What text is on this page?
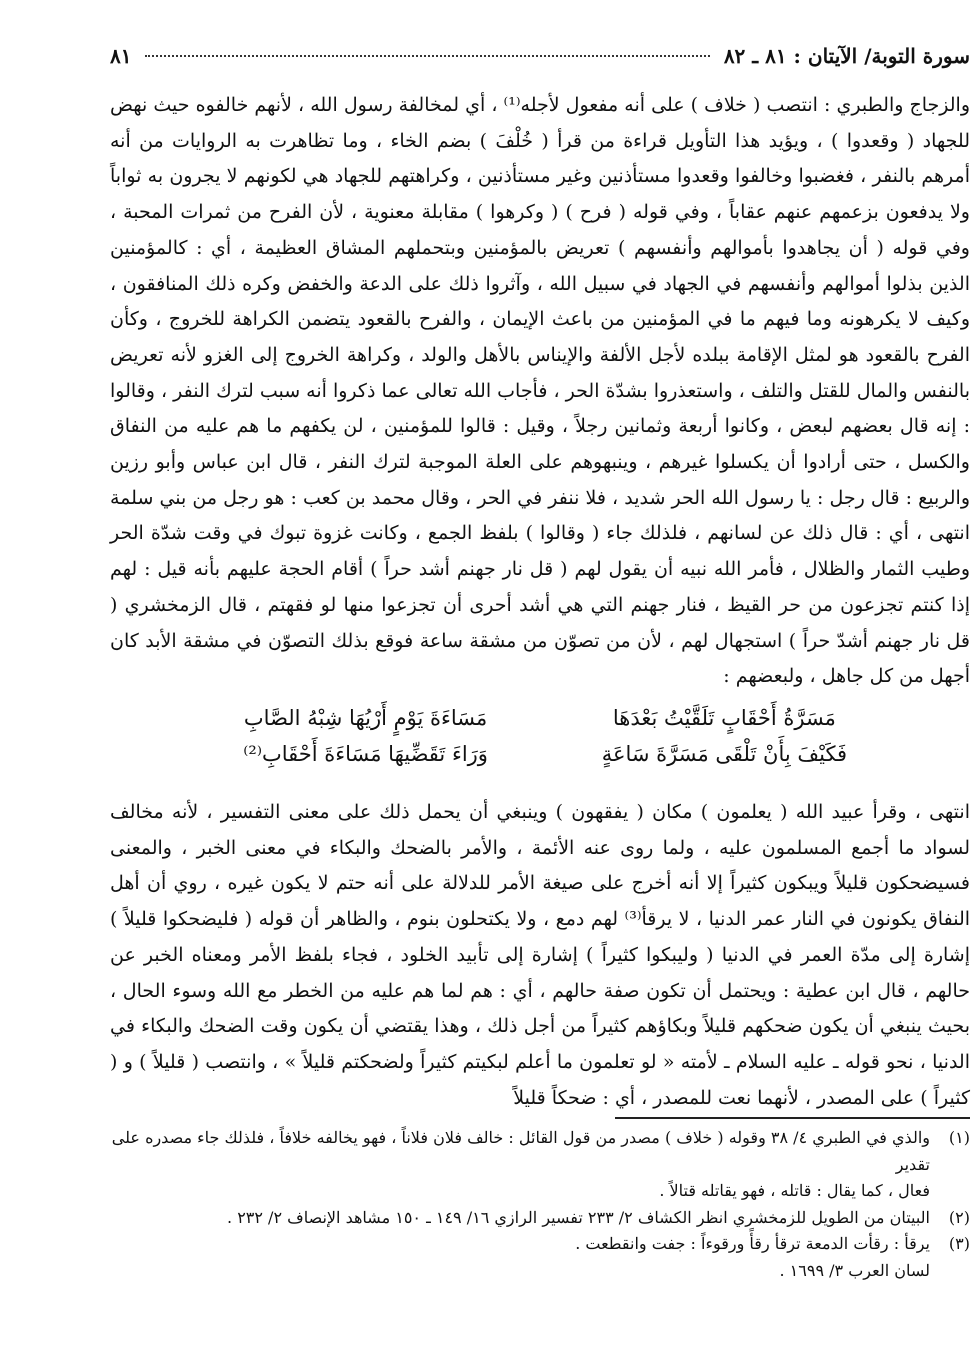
سورة التوبة/ الآيتان : ٨١ ـ ٨٢
٨١

والزجاج والطبري : انتصب ( خلاف ) على أنه مفعول لأجله⁽¹⁾ ، أي لمخالفة رسول الله ، لأنهم خالفوه حيث نهض للجهاد ( وقعدوا ) ، ويؤيد هذا التأويل قراءة من قرأ ( خُلْفَ ) بضم الخاء ، وما تظاهرت به الروايات من أنه أمرهم بالنفر ، فغضبوا وخالفوا وقعدوا مستأذنين وغير مستأذنين ، وكراهتهم للجهاد هي لكونهم لا يجرون به ثواباً ولا يدفعون بزعمهم عنهم عقاباً ، وفي قوله ( فرح ) ( وكرهوا ) مقابلة معنوية ، لأن الفرح من ثمرات المحبة ، وفي قوله ( أن يجاهدوا بأموالهم وأنفسهم ) تعريض بالمؤمنين وبتحملهم المشاق العظيمة ، أي : كالمؤمنين الذين بذلوا أموالهم وأنفسهم في الجهاد في سبيل الله ، وآثروا ذلك على الدعة والخفض وكره ذلك المنافقون ، وكيف لا يكرهونه وما فيهم ما في المؤمنين من باعث الإيمان ، والفرح بالقعود يتضمن الكراهة للخروج ، وكأن الفرح بالقعود هو لمثل الإقامة ببلده لأجل الألفة والإيناس بالأهل والولد ، وكراهة الخروج إلى الغزو لأنه تعريض بالنفس والمال للقتل والتلف ، واستعذروا بشدّة الحر ، فأجاب الله تعالى عما ذكروا أنه سبب لترك النفر ، وقالوا : إنه قال بعضهم لبعض ، وكانوا أربعة وثمانين رجلاً ، وقيل : قالوا للمؤمنين ، لن يكفهم ما هم عليه من النفاق والكسل ، حتى أرادوا أن يكسلوا غيرهم ، وينبهوهم على العلة الموجبة لترك النفر ، قال ابن عباس وأبو رزين والربيع : قال رجل : يا رسول الله الحر شديد ، فلا ننفر في الحر ، وقال محمد بن كعب : هو رجل من بني سلمة انتهى ، أي : قال ذلك عن لسانهم ، فلذلك جاء ( وقالوا ) بلفظ الجمع ، وكانت غزوة تبوك في وقت شدّة الحر وطيب الثمار والظلال ، فأمر الله نبيه أن يقول لهم ( قل نار جهنم أشد حراً ) أقام الحجة عليهم بأنه قيل : لهم إذا كنتم تجزعون من حر القيظ ، فنار جهنم التي هي أشد أحرى أن تجزعوا منها لو فقهتم ، قال الزمخشري ( قل نار جهنم أشدّ حراً ) استجهال لهم ، لأن من تصوّن من مشقة ساعة فوقع بذلك التصوّن في مشقة الأبد كان أجهل من كل جاهل ، ولبعضهم :

مَسَرَّةُ أَحْقَابٍ تَلَقَّيْتُ بَعْدَهَا
مَسَاءَةَ يَوْمٍ أَرْيُهَا شِبْهُ الصَّابِ
فَكَيْفَ بِأَنْ تَلْقَى مَسَرَّةَ سَاعَةٍ
وَرَاءَ تَقَضِّيهَا مَسَاءَةَ أَحْقَابِ⁽²⁾

انتهى ، وقرأ عبيد الله ( يعلمون ) مكان ( يفقهون ) وينبغي أن يحمل ذلك على معنى التفسير ، لأنه مخالف لسواد ما أجمع المسلمون عليه ، ولما روى عنه الأئمة ، والأمر بالضحك والبكاء في معنى الخبر ، والمعنى فسيضحكون قليلاً ويبكون كثيراً إلا أنه أخرج على صيغة الأمر للدلالة على أنه حتم لا يكون غيره ، روي أن أهل النفاق يكونون في النار عمر الدنيا ، لا يرقأ⁽³⁾ لهم دمع ، ولا يكتحلون بنوم ، والظاهر أن قوله ( فليضحكوا قليلاً ) إشارة إلى مدّة العمر في الدنيا ( وليبكوا كثيراً ) إشارة إلى تأبيد الخلود ، فجاء بلفظ الأمر ومعناه الخبر عن حالهم ، قال ابن عطية : ويحتمل أن تكون صفة حالهم ، أي : هم لما هم عليه من الخطر مع الله وسوء الحال ، بحيث ينبغي أن يكون ضحكهم قليلاً وبكاؤهم كثيراً من أجل ذلك ، وهذا يقتضي أن يكون وقت الضحك والبكاء في الدنيا ، نحو قوله ـ عليه السلام ـ لأمته « لو تعلمون ما أعلم لبكيتم كثيراً ولضحكتم قليلاً » ، وانتصب ( قليلاً ) و ( كثيراً ) على المصدر ، لأنهما نعت للمصدر ، أي : ضحكاً قليلاً

(١)
والذي في الطبري ٤/ ٣٨ وقوله ( خلاف ) مصدر من قول القائل : خالف فلان فلاناً ، فهو يخالفه خلافاً ، فلذلك جاء مصدره على تقدير
فعال ، كما يقال : قاتله ، فهو يقاتله قتالاً .
(٢)
البيتان من الطويل للزمخشري انظر الكشاف ٢/ ٢٣٣ تفسير الرازي ١٦/ ١٤٩ ـ ١٥٠ مشاهد الإنصاف ٢/ ٢٣٢ .
(٣)
يرقأ : رقأت الدمعة ترقأ رقأً ورقوءاً : جفت وانقطعت .
لسان العرب ٣/ ١٦٩٩ .
